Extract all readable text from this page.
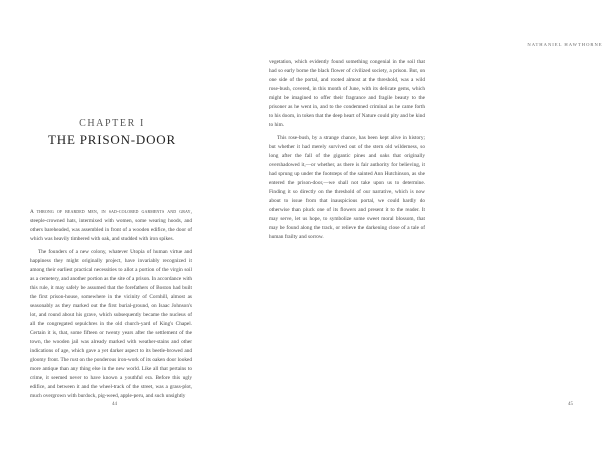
CHAPTER I
THE PRISON-DOOR

A throng of bearded men, in sad-colored garments and gray, steeple-crowned hats, intermixed with women, some wearing hoods, and others bareheaded, was assembled in front of a wooden edifice, the door of which was heavily timbered with oak, and studded with iron spikes.

The founders of a new colony, whatever Utopia of human virtue and happiness they might originally project, have invariably recognized it among their earliest practical necessities to allot a portion of the virgin soil as a cemetery, and another portion as the site of a prison. In accordance with this rule, it may safely be assumed that the forefathers of Boston had built the first prison-house, somewhere in the vicinity of Cornhill, almost as seasonably as they marked out the first burial-ground, on Isaac Johnson's lot, and round about his grave, which subsequently became the nucleus of all the congregated sepulchres in the old church-yard of King's Chapel. Certain it is, that, some fifteen or twenty years after the settlement of the town, the wooden jail was already marked with weather-stains and other indications of age, which gave a yet darker aspect to its beetle-browed and gloomy front. The rust on the ponderous iron-work of its oaken door looked more antique than any thing else in the new world. Like all that pertains to crime, it seemed never to have known a youthful era. Before this ugly edifice, and between it and the wheel-track of the street, was a grass-plot, much overgrown with burdock, pig-weed, apple-peru, and such unsightly

44
NATHANIEL HAWTHORNE
45

vegetation, which evidently found something congenial in the soil that had so early borne the black flower of civilized society, a prison. But, on one side of the portal, and rooted almost at the threshold, was a wild rose-bush, covered, in this month of June, with its delicate gems, which might be imagined to offer their fragrance and fragile beauty to the prisoner as he went in, and to the condemned criminal as he came forth to his doom, in token that the deep heart of Nature could pity and be kind to him.

This rose-bush, by a strange chance, has been kept alive in history; but whether it had merely survived out of the stern old wilderness, so long after the fall of the gigantic pines and oaks that originally overshadowed it,—or whether, as there is fair authority for believing, it had sprung up under the footsteps of the sainted Ann Hutchinson, as she entered the prison-door,—we shall not take upon us to determine. Finding it so directly on the threshold of our narrative, which is now about to issue from that inauspicious portal, we could hardly do otherwise than pluck one of its flowers and present it to the reader. It may serve, let us hope, to symbolize some sweet moral blossom, that may be found along the track, or relieve the darkening close of a tale of human frailty and sorrow.
